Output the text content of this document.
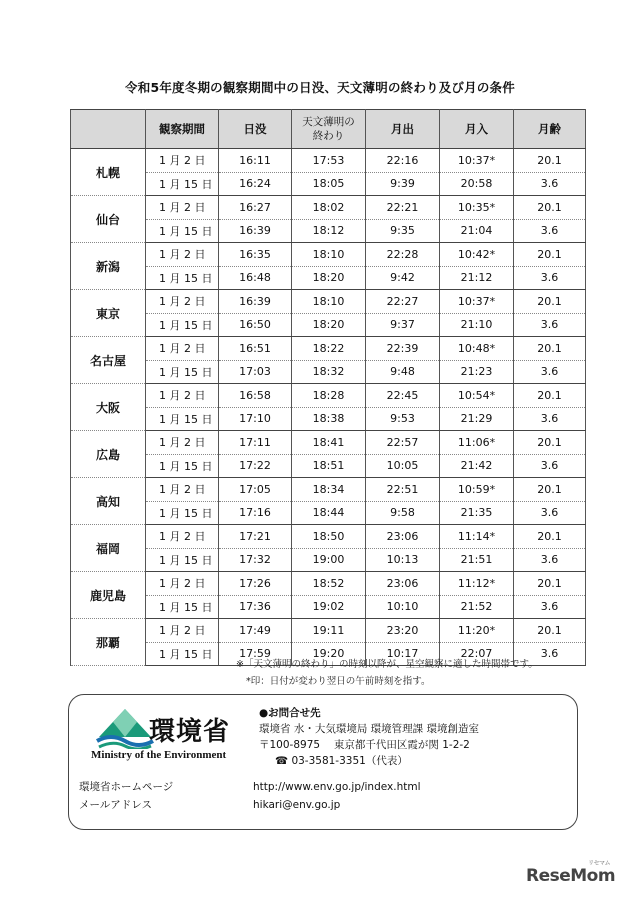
令和5年度冬期の観察期間中の日没、天文薄明の終わり及び月の条件
	観察期間	日没	天文薄明の
終わり	月出	月入	月齢
札幌	1 月 2 日	16:11	17:53	22:16	10:37*	20.1
	1 月 15 日	16:24	18:05	9:39	20:58	3.6
仙台	1 月 2 日	16:27	18:02	22:21	10:35*	20.1
	1 月 15 日	16:39	18:12	9:35	21:04	3.6
新潟	1 月 2 日	16:35	18:10	22:28	10:42*	20.1
	1 月 15 日	16:48	18:20	9:42	21:12	3.6
東京	1 月 2 日	16:39	18:10	22:27	10:37*	20.1
	1 月 15 日	16:50	18:20	9:37	21:10	3.6
名古屋	1 月 2 日	16:51	18:22	22:39	10:48*	20.1
	1 月 15 日	17:03	18:32	9:48	21:23	3.6
大阪	1 月 2 日	16:58	18:28	22:45	10:54*	20.1
	1 月 15 日	17:10	18:38	9:53	21:29	3.6
広島	1 月 2 日	17:11	18:41	22:57	11:06*	20.1
	1 月 15 日	17:22	18:51	10:05	21:42	3.6
高知	1 月 2 日	17:05	18:34	22:51	10:59*	20.1
	1 月 15 日	17:16	18:44	9:58	21:35	3.6
福岡	1 月 2 日	17:21	18:50	23:06	11:14*	20.1
	1 月 15 日	17:32	19:00	10:13	21:51	3.6
鹿児島	1 月 2 日	17:26	18:52	23:06	11:12*	20.1
	1 月 15 日	17:36	19:02	10:10	21:52	3.6
那覇	1 月 2 日	17:49	19:11	23:20	11:20*	20.1
	1 月 15 日	17:59	19:20	10:17	22:07	3.6
※「天文薄明の終わり」の時刻以降が、星空観察に適した時間帯です。
*印：日付が変わり翌日の午前時刻を指す。
環境省
Ministry of the Environment
●お問合せ先
環境省 水・大気環境局 環境管理課 環境創造室
〒100-8975　 東京都千代田区霞が関 1-2-2
☎ 03-3581-3351（代表）
環境省ホームページ	http://www.env.go.jp/index.html
メールアドレス	hikari@env.go.jp
ReseMom
リセマム
